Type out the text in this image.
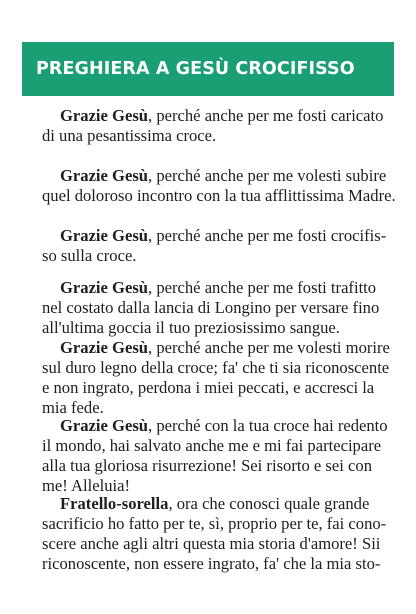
PREGHIERA A GESÙ CROCIFISSO
Grazie Gesù, perché anche per me fosti caricato
di una pesantissima croce.
Grazie Gesù, perché anche per me volesti subire
quel doloroso incontro con la tua afflittissima Madre.
Grazie Gesù, perché anche per me fosti crocifis-
so sulla croce.
Grazie Gesù, perché anche per me fosti trafitto
nel costato dalla lancia di Longino per versare fino
all'ultima goccia il tuo preziosissimo sangue.
Grazie Gesù, perché anche per me volesti morire
sul duro legno della croce; fa' che ti sia riconoscente
e non ingrato, perdona i miei peccati, e accresci la
mia fede.
Grazie Gesù, perché con la tua croce hai redento
il mondo, hai salvato anche me e mi fai partecipare
alla tua gloriosa risurrezione! Sei risorto e sei con
me! Alleluia!
Fratello-sorella, ora che conosci quale grande
sacrificio ho fatto per te, sì, proprio per te, fai cono-
scere anche agli altri questa mia storia d'amore! Sii
riconoscente, non essere ingrato, fa' che la mia sto-
